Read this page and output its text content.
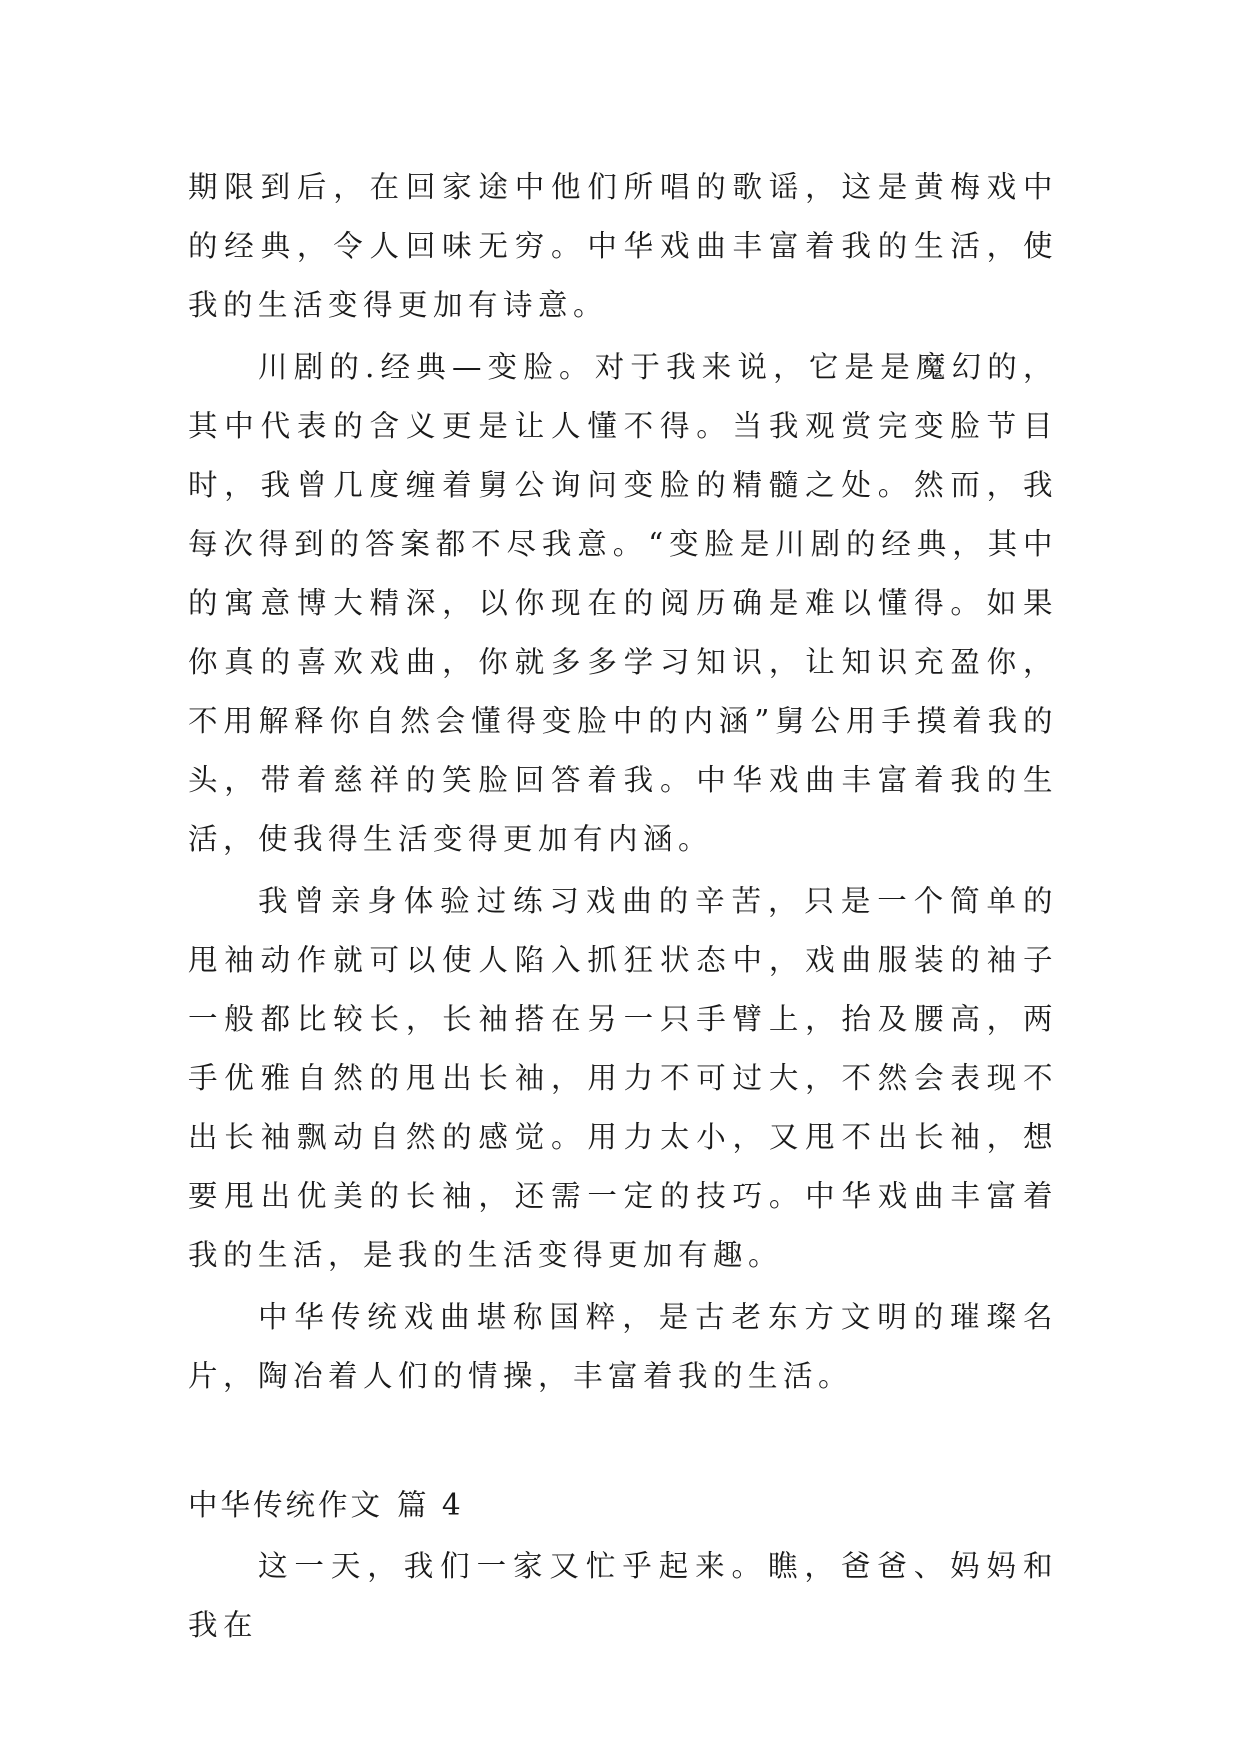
期限到后，在回家途中他们所唱的歌谣，这是黄梅戏中的经典，令人回味无穷。中华戏曲丰富着我的生活，使我的生活变得更加有诗意。

川剧的.经典—变脸。对于我来说，它是是魔幻的，其中代表的含义更是让人懂不得。当我观赏完变脸节目时，我曾几度缠着舅公询问变脸的精髓之处。然而，我每次得到的答案都不尽我意。“变脸是川剧的经典，其中的寓意博大精深，以你现在的阅历确是难以懂得。如果你真的喜欢戏曲，你就多多学习知识，让知识充盈你，不用解释你自然会懂得变脸中的内涵”舅公用手摸着我的头，带着慈祥的笑脸回答着我。中华戏曲丰富着我的生活，使我得生活变得更加有内涵。

我曾亲身体验过练习戏曲的辛苦，只是一个简单的甩袖动作就可以使人陷入抓狂状态中，戏曲服装的袖子一般都比较长，长袖搭在另一只手臂上，抬及腰高，两手优雅自然的甩出长袖，用力不可过大，不然会表现不出长袖飘动自然的感觉。用力太小，又甩不出长袖，想要甩出优美的长袖，还需一定的技巧。中华戏曲丰富着我的生活，是我的生活变得更加有趣。

中华传统戏曲堪称国粹，是古老东方文明的璀璨名片，陶冶着人们的情操，丰富着我的生活。

中华传统作文 篇 4

这一天，我们一家又忙乎起来。瞧，爸爸、妈妈和我在
